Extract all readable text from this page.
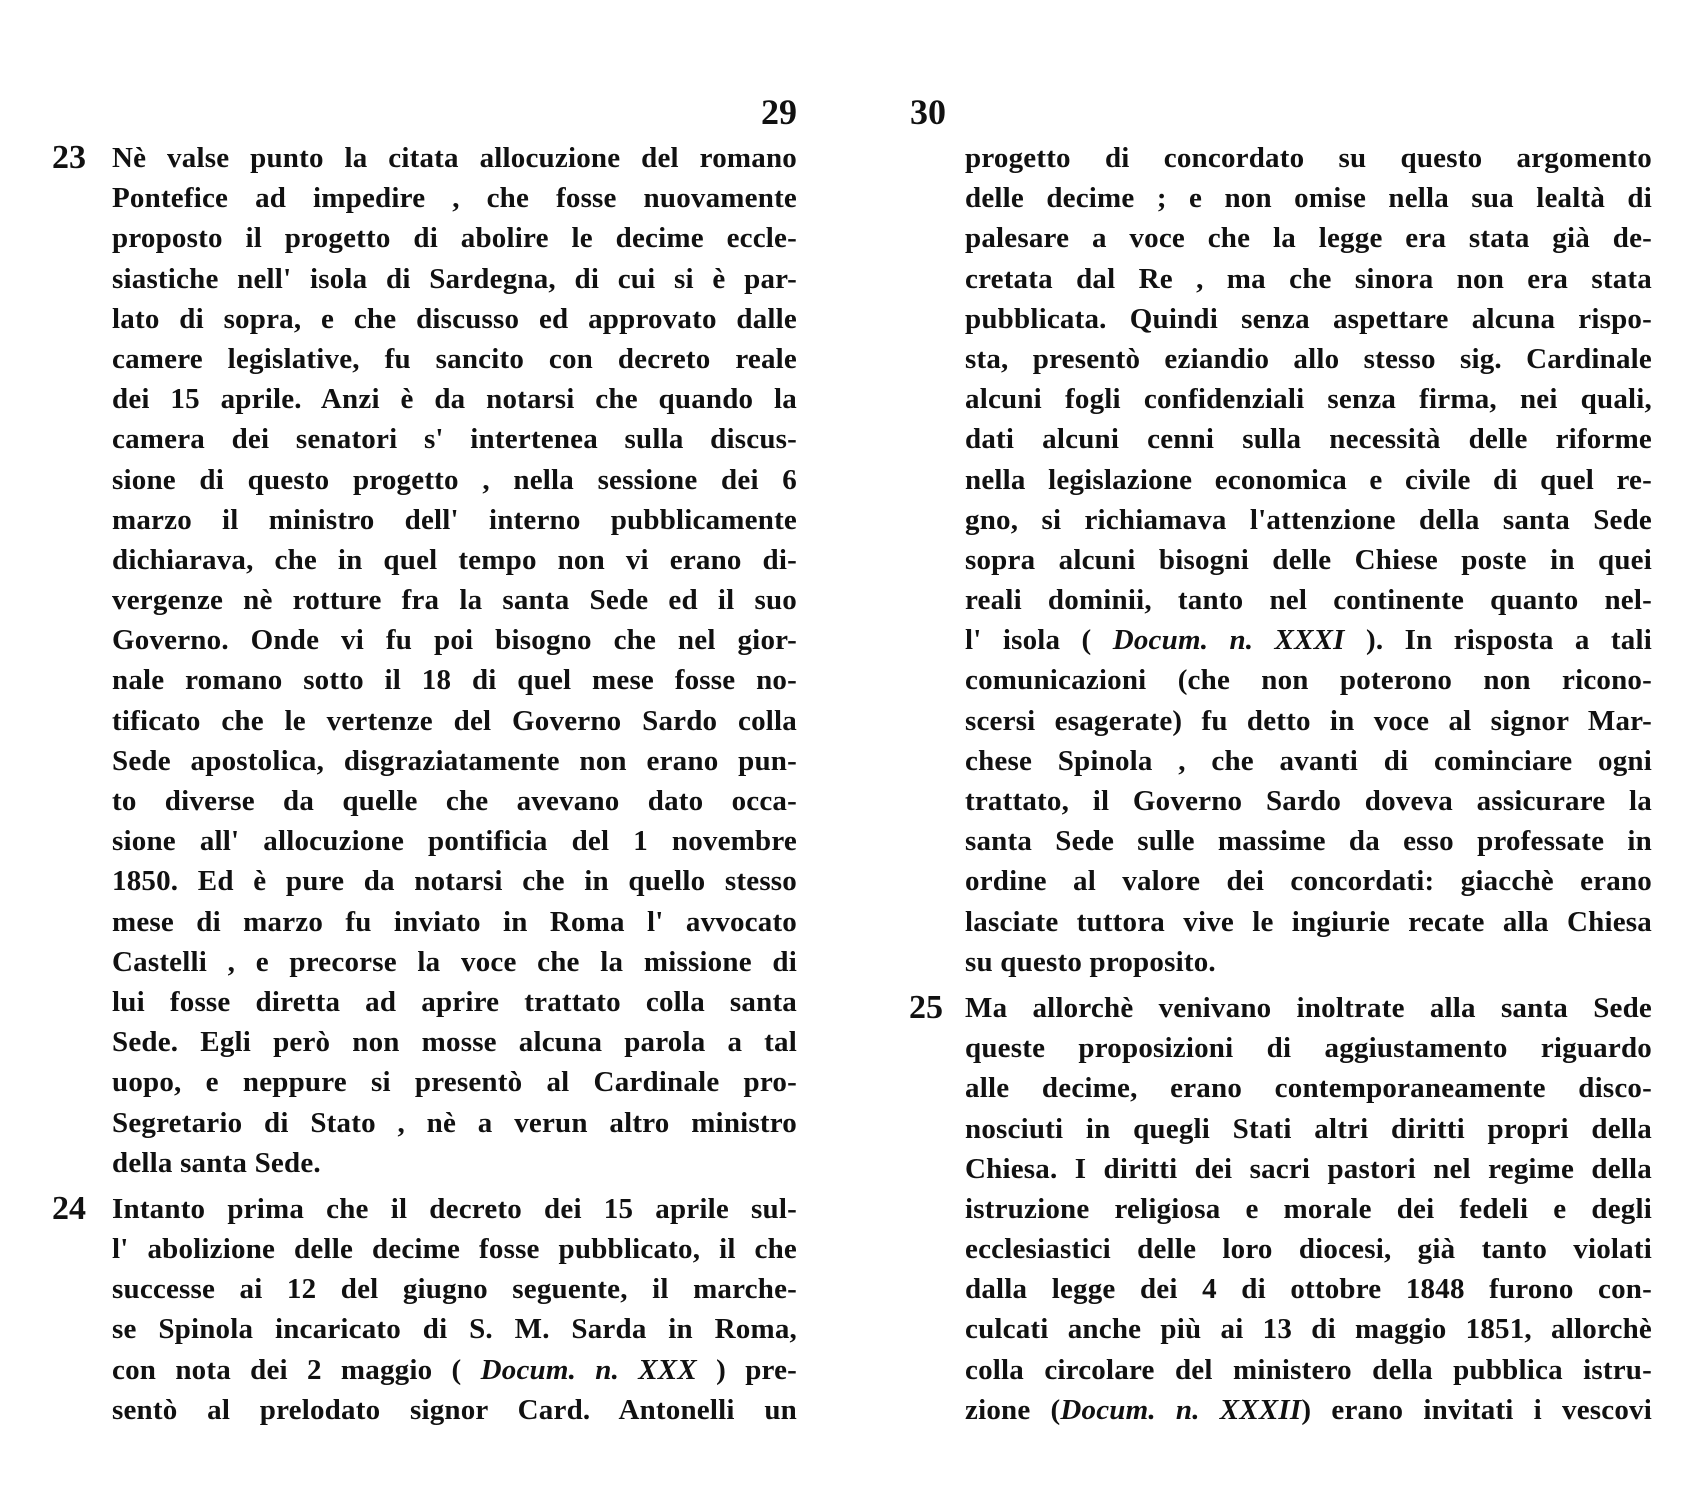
29
23 Nè valse punto la citata allocuzione del romano
Pontefice ad impedire , che fosse nuovamente
proposto il progetto di abolire le decime eccle-
siastiche nell' isola di Sardegna, di cui si è par-
lato di sopra, e che discusso ed approvato dalle
camere legislative, fu sancito con decreto reale
dei 15 aprile. Anzi è da notarsi che quando la
camera dei senatori s' intertenea sulla discus-
sione di questo progetto , nella sessione dei 6
marzo il ministro dell' interno pubblicamente
dichiarava, che in quel tempo non vi erano di-
vergenze nè rotture fra la santa Sede ed il suo
Governo. Onde vi fu poi bisogno che nel gior-
nale romano sotto il 18 di quel mese fosse no-
tificato che le vertenze del Governo Sardo colla
Sede apostolica, disgraziatamente non erano pun-
to diverse da quelle che avevano dato occa-
sione all' allocuzione pontificia del 1 novembre
1850. Ed è pure da notarsi che in quello stesso
mese di marzo fu inviato in Roma l' avvocato
Castelli , e precorse la voce che la missione di
lui fosse diretta ad aprire trattato colla santa
Sede. Egli però non mosse alcuna parola a tal
uopo, e neppure si presentò al Cardinale pro-
Segretario di Stato , nè a verun altro ministro
della santa Sede.
24 Intanto prima che il decreto dei 15 aprile sul-
l' abolizione delle decime fosse pubblicato, il che
successe ai 12 del giugno seguente, il marche-
se Spinola incaricato di S. M. Sarda in Roma,
con nota dei 2 maggio ( Docum. n. XXX ) pre-
sentò al prelodato signor Card. Antonelli un
30
progetto di concordato su questo argomento
delle decime ; e non omise nella sua lealtà di
palesare a voce che la legge era stata già de-
cretata dal Re , ma che sinora non era stata
pubblicata. Quindi senza aspettare alcuna rispo-
sta, presentò eziandio allo stesso sig. Cardinale
alcuni fogli confidenziali senza firma, nei quali,
dati alcuni cenni sulla necessità delle riforme
nella legislazione economica e civile di quel re-
gno, si richiamava l'attenzione della santa Sede
sopra alcuni bisogni delle Chiese poste in quei
reali dominii, tanto nel continente quanto nel-
l' isola ( Docum. n. XXXI ). In risposta a tali
comunicazioni (che non poterono non ricono-
scersi esagerate) fu detto in voce al signor Mar-
chese Spinola , che avanti di cominciare ogni
trattato, il Governo Sardo doveva assicurare la
santa Sede sulle massime da esso professate in
ordine al valore dei concordati: giacchè erano
lasciate tuttora vive le ingiurie recate alla Chiesa
su questo proposito.
25 Ma allorchè venivano inoltrate alla santa Sede
queste proposizioni di aggiustamento riguardo
alle decime, erano contemporaneamente disco-
nosciuti in quegli Stati altri diritti propri della
Chiesa. I diritti dei sacri pastori nel regime della
istruzione religiosa e morale dei fedeli e degli
ecclesiastici delle loro diocesi, già tanto violati
dalla legge dei 4 di ottobre 1848 furono con-
culcati anche più ai 13 di maggio 1851, allorchè
colla circolare del ministero della pubblica istru-
zione (Docum. n. XXXII) erano invitati i vescovi
